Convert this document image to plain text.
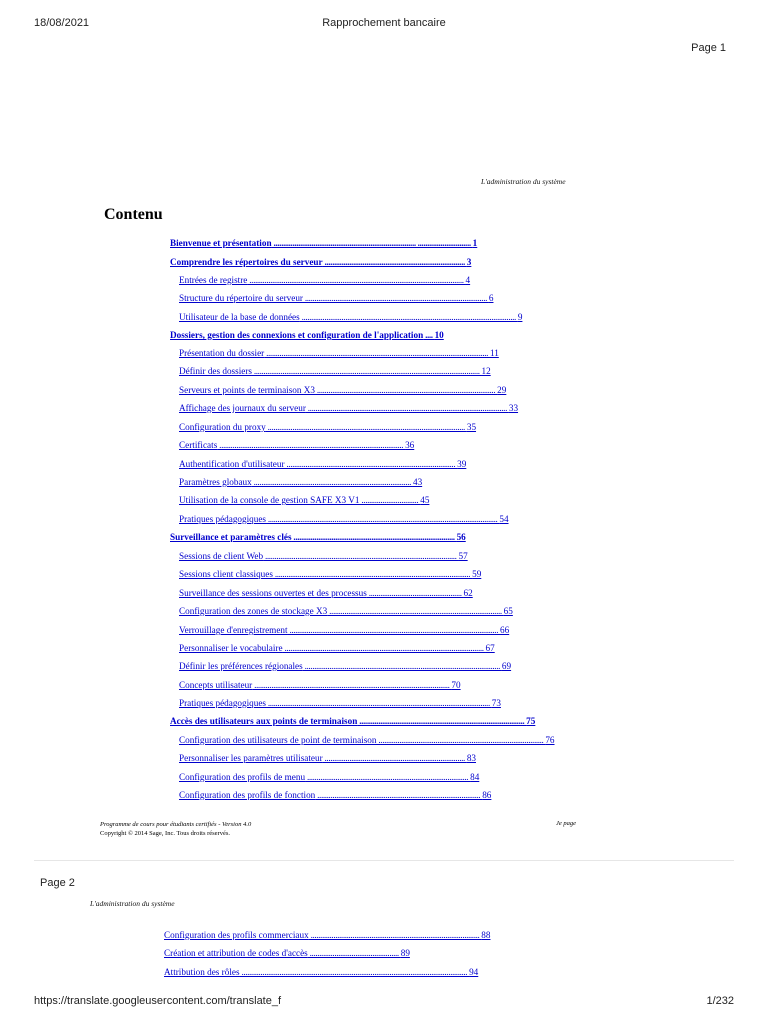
18/08/2021	Rapprochement bancaire
Page 1
L'administration du système
Contenu
Bienvenue et présentation ........................................................................... ............................ 1
Comprendre les répertoires du serveur .......................................................................... 3
Entrées de registre ................................................................................................................. 4
Structure du répertoire du serveur ................................................................................................ 6
Utilisateur de la base de données ................................................................................................................. 9
Dossiers, gestion des connexions et configuration de l'application .... 10
Présentation du dossier ..................................................................................................................... 11
Définir des dossiers ....................................................................................................................... 12
Serveurs et points de terminaison X3 .............................................................................................. 29
Affichage des journaux du serveur ......................................................................................................... 33
Configuration du proxy ........................................................................................................ 35
Certificats ................................................................................................. 36
Authentification d'utilisateur ......................................................................................... 39
Paramètres globaux ................................................................................... 43
Utilisation de la console de gestion SAFE X3 V1 .............................. 45
Pratiques pédagogiques ......................................................................................................................... 54
Surveillance et paramètres clés ..................................................................................... 56
Sessions de client Web ..................................................................................................... 57
Sessions client classiques ....................................................................................................... 59
Surveillance des sessions ouvertes et des processus ................................................. 62
Configuration des zones de stockage X3 ........................................................................................... 65
Verrouillage d'enregistrement .............................................................................................................. 66
Personnaliser le vocabulaire ......................................................................................................... 67
Définir les préférences régionales ....................................................................................................... 69
Concepts utilisateur ....................................................................................................... 70
Pratiques pédagogiques ..................................................................................................................... 73
Accès des utilisateurs aux points de terminaison ....................................................................................... 75
Configuration des utilisateurs de point de terminaison ....................................................................................... 76
Personnaliser les paramètres utilisateur .......................................................................... 83
Configuration des profils de menu ..................................................................................... 84
Configuration des profils de fonction ...................................................................................... 86
Programme de cours pour étudiants certifiés - Version 4.0
Copyright © 2014 Sage, Inc. Tous droits réservés.
Je page
Page 2
L'administration du système
Configuration des profils commerciaux ......................................................................................... 88
Création et attribution de codes d'accès ............................................... 89
Attribution des rôles ....................................................................................................................... 94
https://translate.googleusercontent.com/translate_f	1/232
